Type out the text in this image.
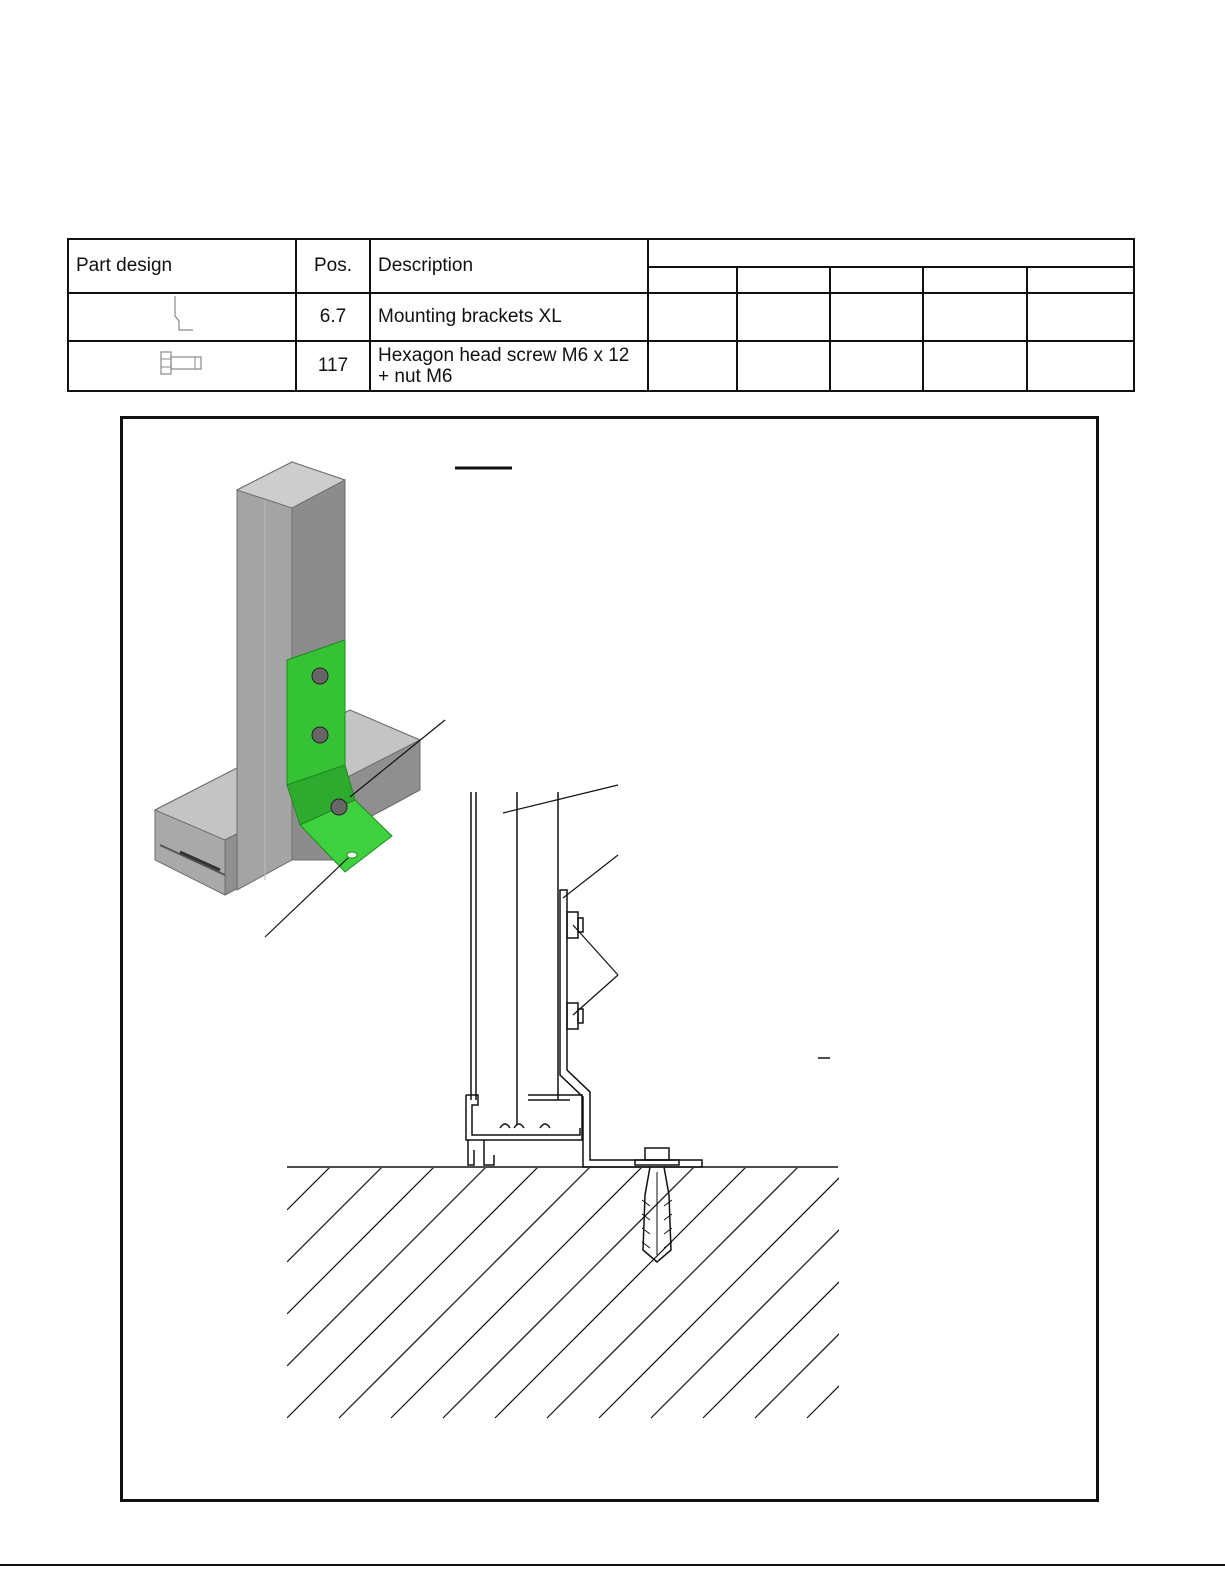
Part design	Pos.	Description					

	6.7	Mounting brackets XL					
	117	Hexagon head screw M6 x 12 + nut M6					
